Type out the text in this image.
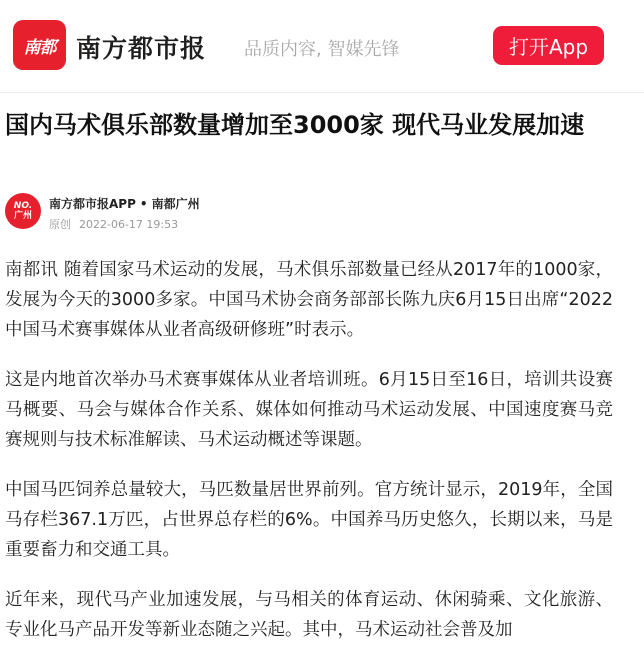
南都 南方都市报 品质内容, 智媒先锋	打开App
国内马术俱乐部数量增加至3000家 现代马业发展加速
NO.
广州
南方都市报APP • 南都广州
原创 2022-06-17 19:53

南都讯 随着国家马术运动的发展，马术俱乐部数量已经从2017年的1000家，发展为今天的3000多家。中国马术协会商务部部长陈九庆6月15日出席“2022中国马术赛事媒体从业者高级研修班”时表示。

这是内地首次举办马术赛事媒体从业者培训班。6月15日至16日，培训共设赛马概要、马会与媒体合作关系、媒体如何推动马术运动发展、中国速度赛马竞赛规则与技术标准解读、马术运动概述等课题。

中国马匹饲养总量较大，马匹数量居世界前列。官方统计显示，2019年，全国马存栏367.1万匹，占世界总存栏的6%。中国养马历史悠久，长期以来，马是重要畜力和交通工具。

近年来，现代马产业加速发展，与马相关的体育运动、休闲骑乘、文化旅游、专业化马产品开发等新业态随之兴起。其中，马术运动社会普及加
